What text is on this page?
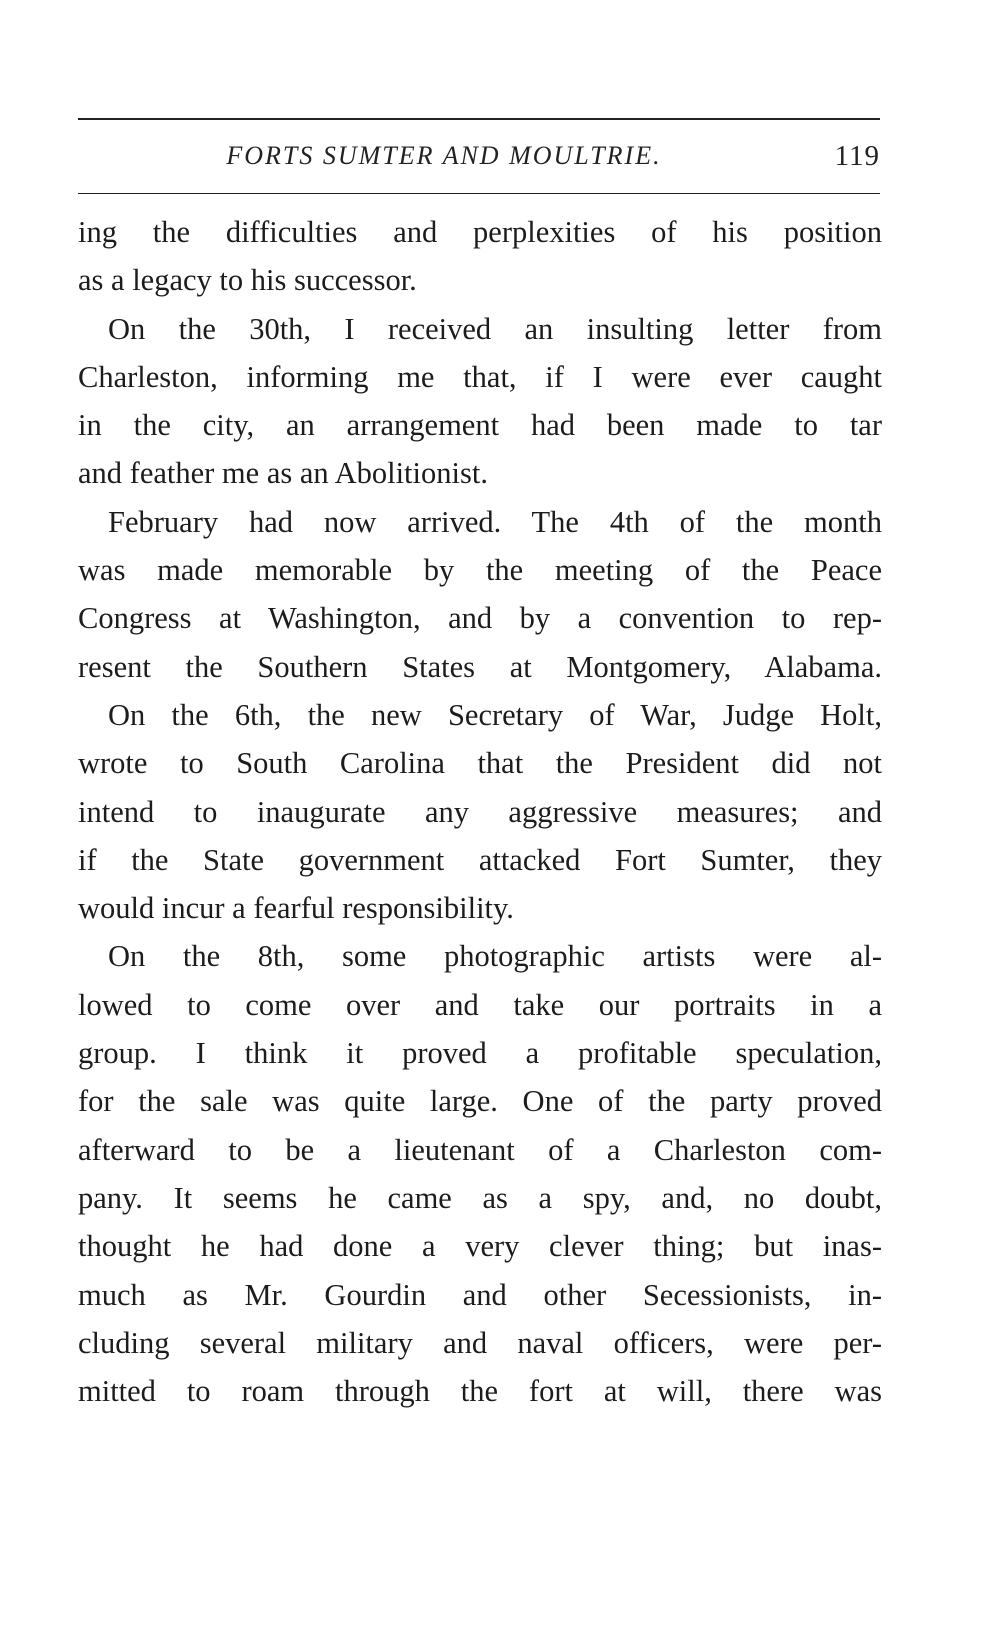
FORTS SUMTER AND MOULTRIE.	119
ing the difficulties and perplexities of his position
as a legacy to his successor.
On the 30th, I received an insulting letter from
Charleston, informing me that, if I were ever caught
in the city, an arrangement had been made to tar
and feather me as an Abolitionist.
February had now arrived. The 4th of the month
was made memorable by the meeting of the Peace
Congress at Washington, and by a convention to rep-
resent the Southern States at Montgomery, Alabama.
On the 6th, the new Secretary of War, Judge Holt,
wrote to South Carolina that the President did not
intend to inaugurate any aggressive measures; and
if the State government attacked Fort Sumter, they
would incur a fearful responsibility.
On the 8th, some photographic artists were al-
lowed to come over and take our portraits in a
group. I think it proved a profitable speculation,
for the sale was quite large. One of the party proved
afterward to be a lieutenant of a Charleston com-
pany. It seems he came as a spy, and, no doubt,
thought he had done a very clever thing; but inas-
much as Mr. Gourdin and other Secessionists, in-
cluding several military and naval officers, were per-
mitted to roam through the fort at will, there was
